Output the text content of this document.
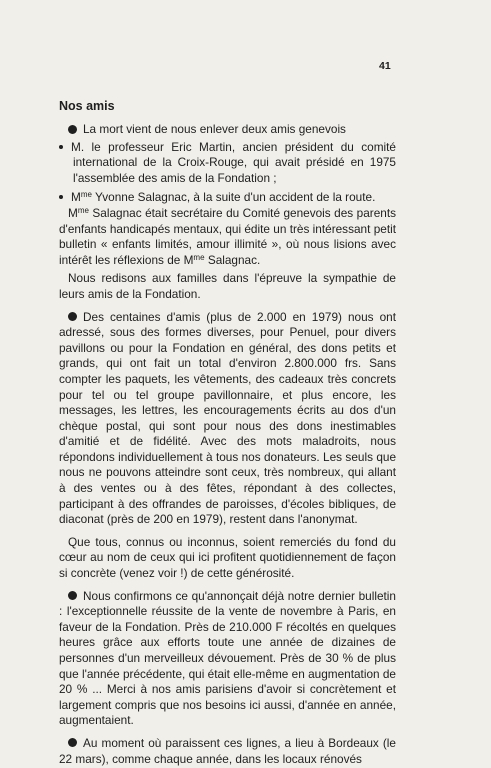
41
Nos amis

La mort vient de nous enlever deux amis genevois

M. le professeur Eric Martin, ancien président du comité international de la Croix-Rouge, qui avait présidé en 1975 l'assemblée des amis de la Fondation ;

$M^{me}$ Yvonne Salagnac, à la suite d'un accident de la route.

$M^{me}$ Salagnac était secrétaire du Comité genevois des parents d'enfants handicapés mentaux, qui édite un très intéressant petit bulletin « enfants limités, amour illimité », où nous lisions avec intérêt les réflexions de $M^{me}$ Salagnac.

Nous redisons aux familles dans l'épreuve la sympathie de leurs amis de la Fondation.

Des centaines d'amis (plus de 2.000 en 1979) nous ont adressé, sous des formes diverses, pour Penuel, pour divers pavillons ou pour la Fondation en général, des dons petits et grands, qui ont fait un total d'environ 2.800.000 frs. Sans compter les paquets, les vêtements, des cadeaux très concrets pour tel ou tel groupe pavillonnaire, et plus encore, les messages, les lettres, les encouragements écrits au dos d'un chèque postal, qui sont pour nous des dons inestimables d'amitié et de fidélité. Avec des mots maladroits, nous répondons individuellement à tous nos donateurs. Les seuls que nous ne pouvons atteindre sont ceux, très nombreux, qui allant à des ventes ou à des fêtes, répondant à des collectes, participant à des offrandes de paroisses, d'écoles bibliques, de diaconat (près de 200 en 1979), restent dans l'anonymat.

Que tous, connus ou inconnus, soient remerciés du fond du cœur au nom de ceux qui ici profitent quotidiennement de façon si concrète (venez voir !) de cette générosité.

Nous confirmons ce qu'annonçait déjà notre dernier bulletin : l'exceptionnelle réussite de la vente de novembre à Paris, en faveur de la Fondation. Près de 210.000 F récoltés en quelques heures grâce aux efforts toute une année de dizaines de personnes d'un merveilleux dévouement. Près de 30 % de plus que l'année précédente, qui était elle-même en augmentation de 20 % ... Merci à nos amis parisiens d'avoir si concrètement et largement compris que nos besoins ici aussi, d'année en année, augmentaient.

Au moment où paraissent ces lignes, a lieu à Bordeaux (le 22 mars), comme chaque année, dans les locaux rénovés
